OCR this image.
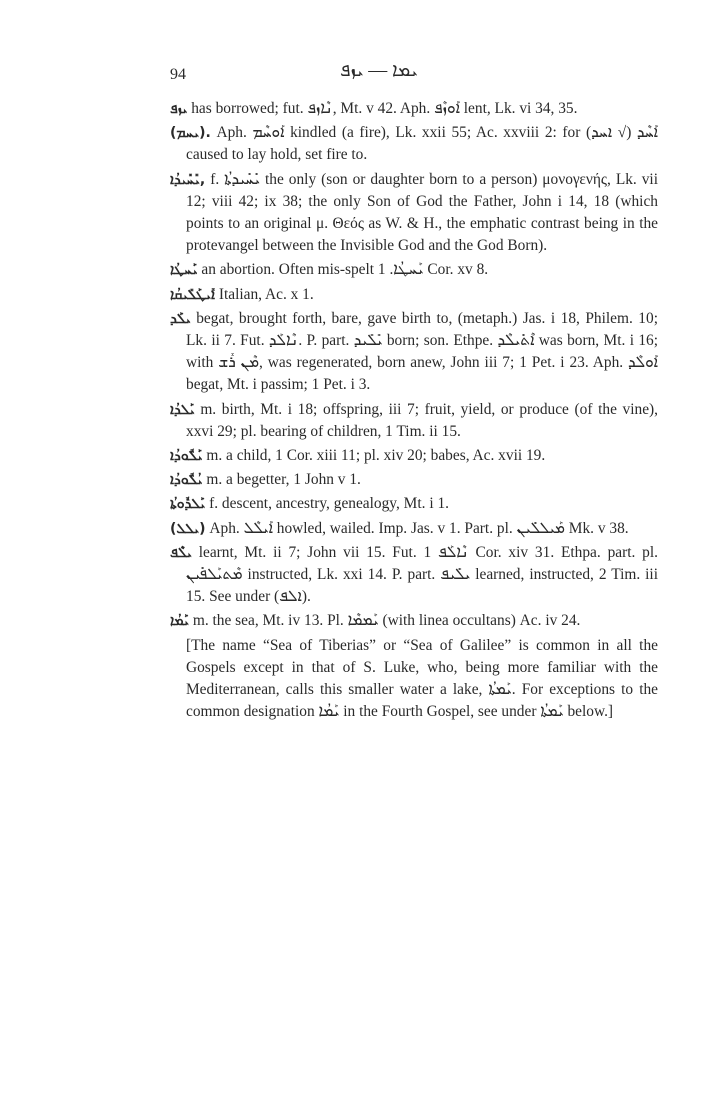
94	ܝܡܐ — ܝܙܦ

ܝܙܦ has borrowed; fut. ܢܶܐܙܦ, Mt. v 42. Aph. ܐܰܘܙܶܦ lent, Lk. vi 34, 35.

(ܝܚܡ). Aph. ܐܰܘܚܶܡ kindled (a fire), Lk. xxii 55; Ac. xxviii 2: for ܐܰܚܶܕ (√ ܐܚܕ) caused to lay hold, set fire to.

ܝܺܚܺܝܕܳܐ, f. ܝܺܚܺܝܕܬܳܐ the only (son or daughter born to a person) μονογενής, Lk. vii 12; viii 42; ix 38; the only Son of God the Father, John i 14, 18 (which points to an original μ. Θεός as W. & H., the emphatic contrast being in the protevangel between the Invisible God and the God Born).

ܝܰܚܛܳܐ an abortion. Often mis-spelt ܝܰܚܛܳܐ. 1 Cor. xv 8.

ܐܺܝܛܰܠܺܝܩܳܐ Italian, Ac. x 1.

ܝܠܰܕ begat, brought forth, bare, gave birth to, (metaph.) Jas. i 18, Philem. 10; Lk. ii 7. Fut. ܢܶܐܠܰܕ. P. part. ܝܺܠܺܝܕ born; son. Ethpe. ܐܶܬܺܝܠܶܕ was born, Mt. i 16; with ܡܶܢ ܪܺܫ, was regenerated, born anew, John iii 7; 1 Pet. i 23. Aph. ܐܰܘܠܶܕ begat, Mt. i passim; 1 Pet. i 3.

ܝܰܠܕܳܐ m. birth, Mt. i 18; offspring, iii 7; fruit, yield, or produce (of the vine), xxvi 29; pl. bearing of children, 1 Tim. ii 15.

ܝܰܠܽܘܕܳܐ m. a child, 1 Cor. xiii 11; pl. xiv 20; babes, Ac. xvii 19.

ܝܳܠܽܘܕܳܐ m. a begetter, 1 John v 1.

ܝܰܠܕܽܘܬܳܐ f. descent, ancestry, genealogy, Mt. i 1.

(ܝܠܠ) Aph. ܐܰܝܠܶܠ howled, wailed. Imp. Jas. v 1. Part. pl. ܡܰܝܠܠܺܝܢ Mk. v 38.

ܝܠܶܦ learnt, Mt. ii 7; John vii 15. Fut. ܢܶܐܠܰܦ 1 Cor. xiv 31. Ethpa. part. pl. ܡܶܬܝܰܠܦܺܝܢ instructed, Lk. xxi 14. P. part. ܝܠܺܝܦ learned, instructed, 2 Tim. iii 15. See under (ܐܠܦ).

ܝܰܡܳܐ m. the sea, Mt. iv 13. Pl. ܝܰܡܡܶܐ (with linea occultans) Ac. iv 24.

[The name “Sea of Tiberias” or “Sea of Galilee” is common in all the Gospels except in that of S. Luke, who, being more familiar with the Mediterranean, calls this smaller water a lake, ܝܰܡܬܳܐ. For exceptions to the common designation ܝܰܡܳܐ in the Fourth Gospel, see under ܝܰܡܬܳܐ below.]
